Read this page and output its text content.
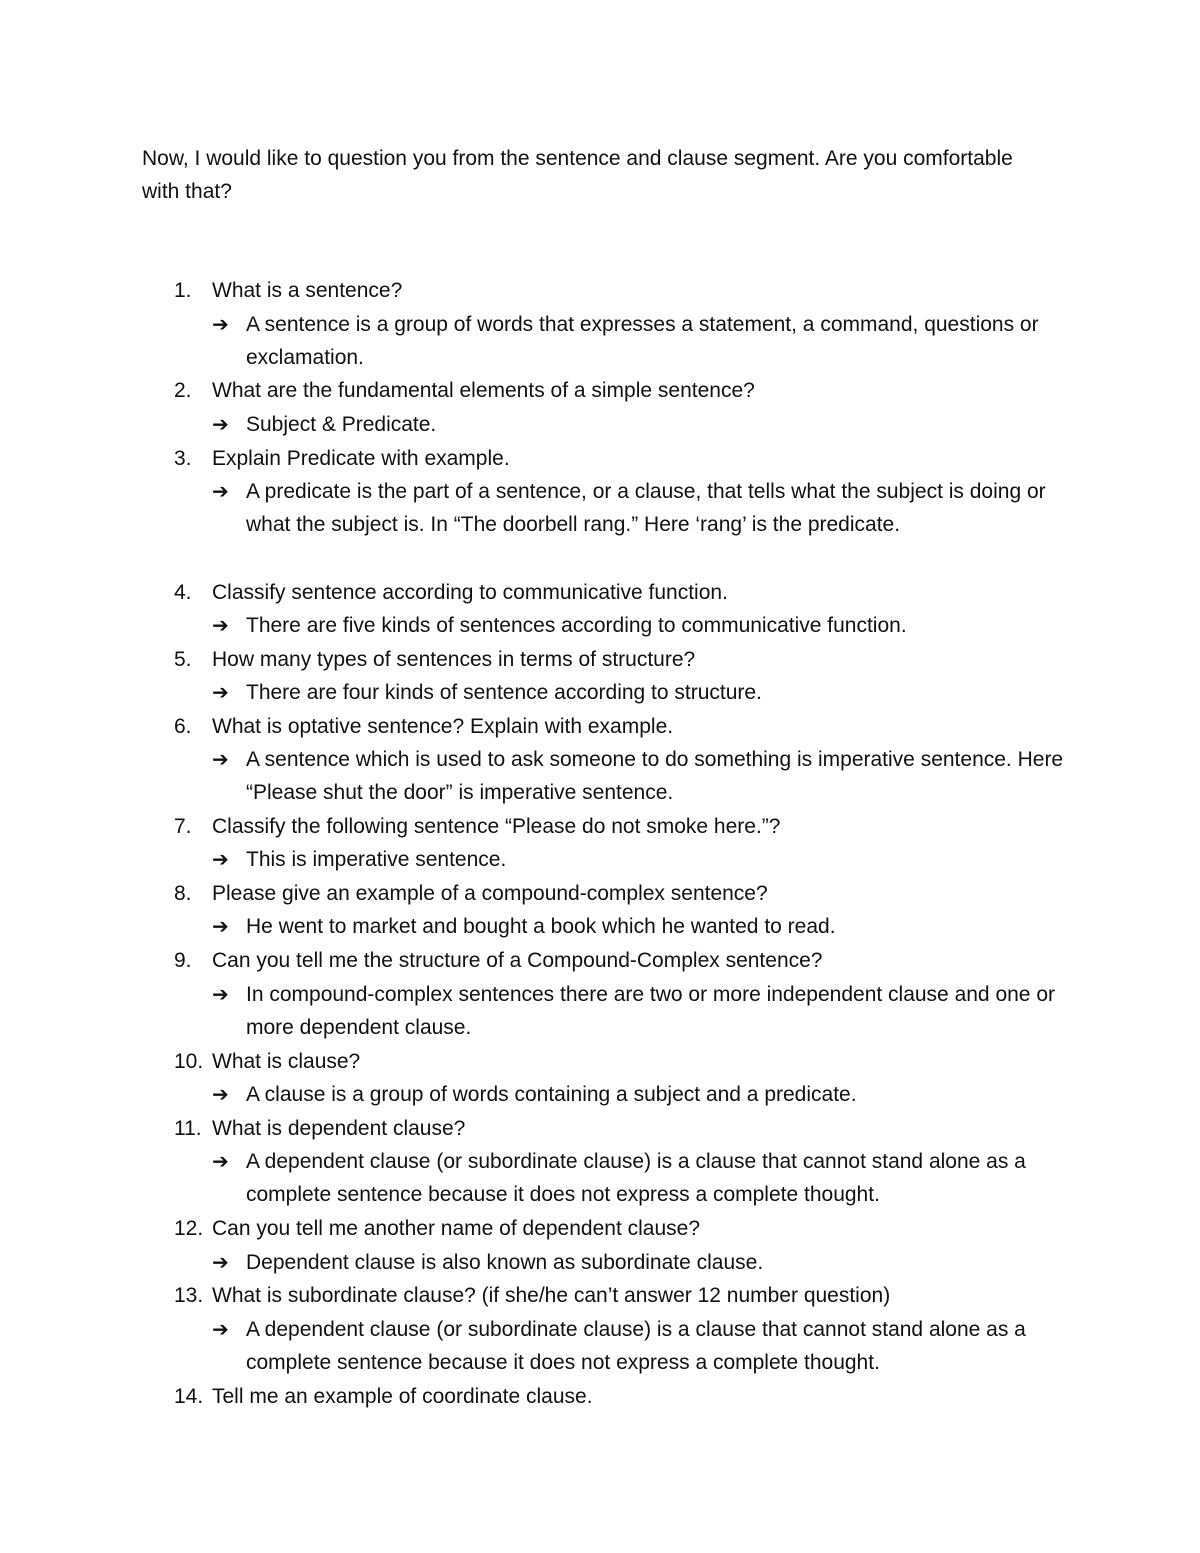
Now, I would like to question you from the sentence and clause segment. Are you comfortable with that?

1. What is a sentence?
➔ A sentence is a group of words that expresses a statement, a command, questions or exclamation.
2. What are the fundamental elements of a simple sentence?
➔ Subject & Predicate.
3. Explain Predicate with example.
➔ A predicate is the part of a sentence, or a clause, that tells what the subject is doing or what the subject is. In “The doorbell rang.” Here ‘rang’ is the predicate.
4. Classify sentence according to communicative function.
➔ There are five kinds of sentences according to communicative function.
5. How many types of sentences in terms of structure?
➔ There are four kinds of sentence according to structure.
6. What is optative sentence? Explain with example.
➔ A sentence which is used to ask someone to do something is imperative sentence. Here “Please shut the door” is imperative sentence.
7. Classify the following sentence “Please do not smoke here.”?
➔ This is imperative sentence.
8. Please give an example of a compound-complex sentence?
➔ He went to market and bought a book which he wanted to read.
9. Can you tell me the structure of a Compound-Complex sentence?
➔ In compound-complex sentences there are two or more independent clause and one or more dependent clause.
10. What is clause?
➔ A clause is a group of words containing a subject and a predicate.
11. What is dependent clause?
➔ A dependent clause (or subordinate clause) is a clause that cannot stand alone as a complete sentence because it does not express a complete thought.
12. Can you tell me another name of dependent clause?
➔ Dependent clause is also known as subordinate clause.
13. What is subordinate clause? (if she/he can’t answer 12 number question)
➔ A dependent clause (or subordinate clause) is a clause that cannot stand alone as a complete sentence because it does not express a complete thought.
14. Tell me an example of coordinate clause.
